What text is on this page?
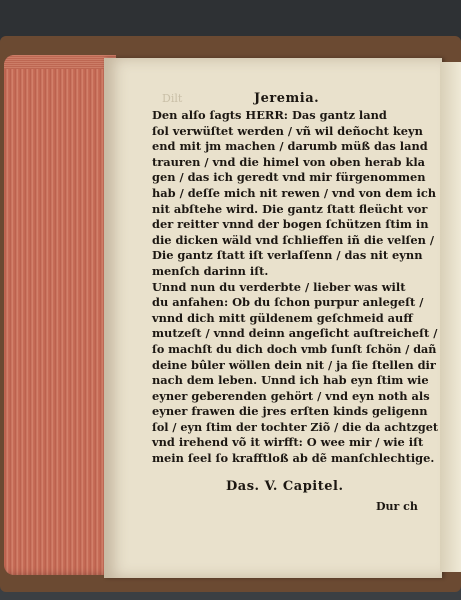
Dilt	Jeremia.
Den alſo ſagts HERR: Das gantz land
ſol verwüſtet werden / vñ wil deñocht keyn
end mit jm machen / darumb müß das land
trauren / vnd die himel von oben herab kla
gen / das ich geredt vnd mir fürgenommen
hab / deſſe mich nit rewen / vnd von dem ich
nit abſtehe wird. Die gantz ſtatt fleücht vor
der reitter vnnd der bogen ſchützen ſtim in
die dicken wäld vnd ſchlieffen iñ die velſen /
Die gantz ſtatt iſt verlaſſenn / das nit eynn
menſch darinn iſt.
Unnd nun du verderbte / lieber was wilt
du anfahen: Ob du ſchon purpur anlegeſt /
vnnd dich mitt güldenem geſchmeid auff
mutzeſt / vnnd deinn angeſicht auſtreicheſt /
ſo machſt du dich doch vmb ſunſt ſchön / dañ
deine bûler wöllen dein nit / ja ſie ſtellen dir
nach dem leben. Unnd ich hab eyn ſtim wie
eyner geberenden gehört / vnd eyn noth als
eyner frawen die jres erſten kinds geligenn
ſol / eyn ſtim der tochter Ziõ / die da achtzget
vnd irehend võ it wirfft: O wee mir / wie iſt
mein ſeel ſo krafftloß ab dẽ manſchlechtige.
Das. V. Capitel.
Dur ch
